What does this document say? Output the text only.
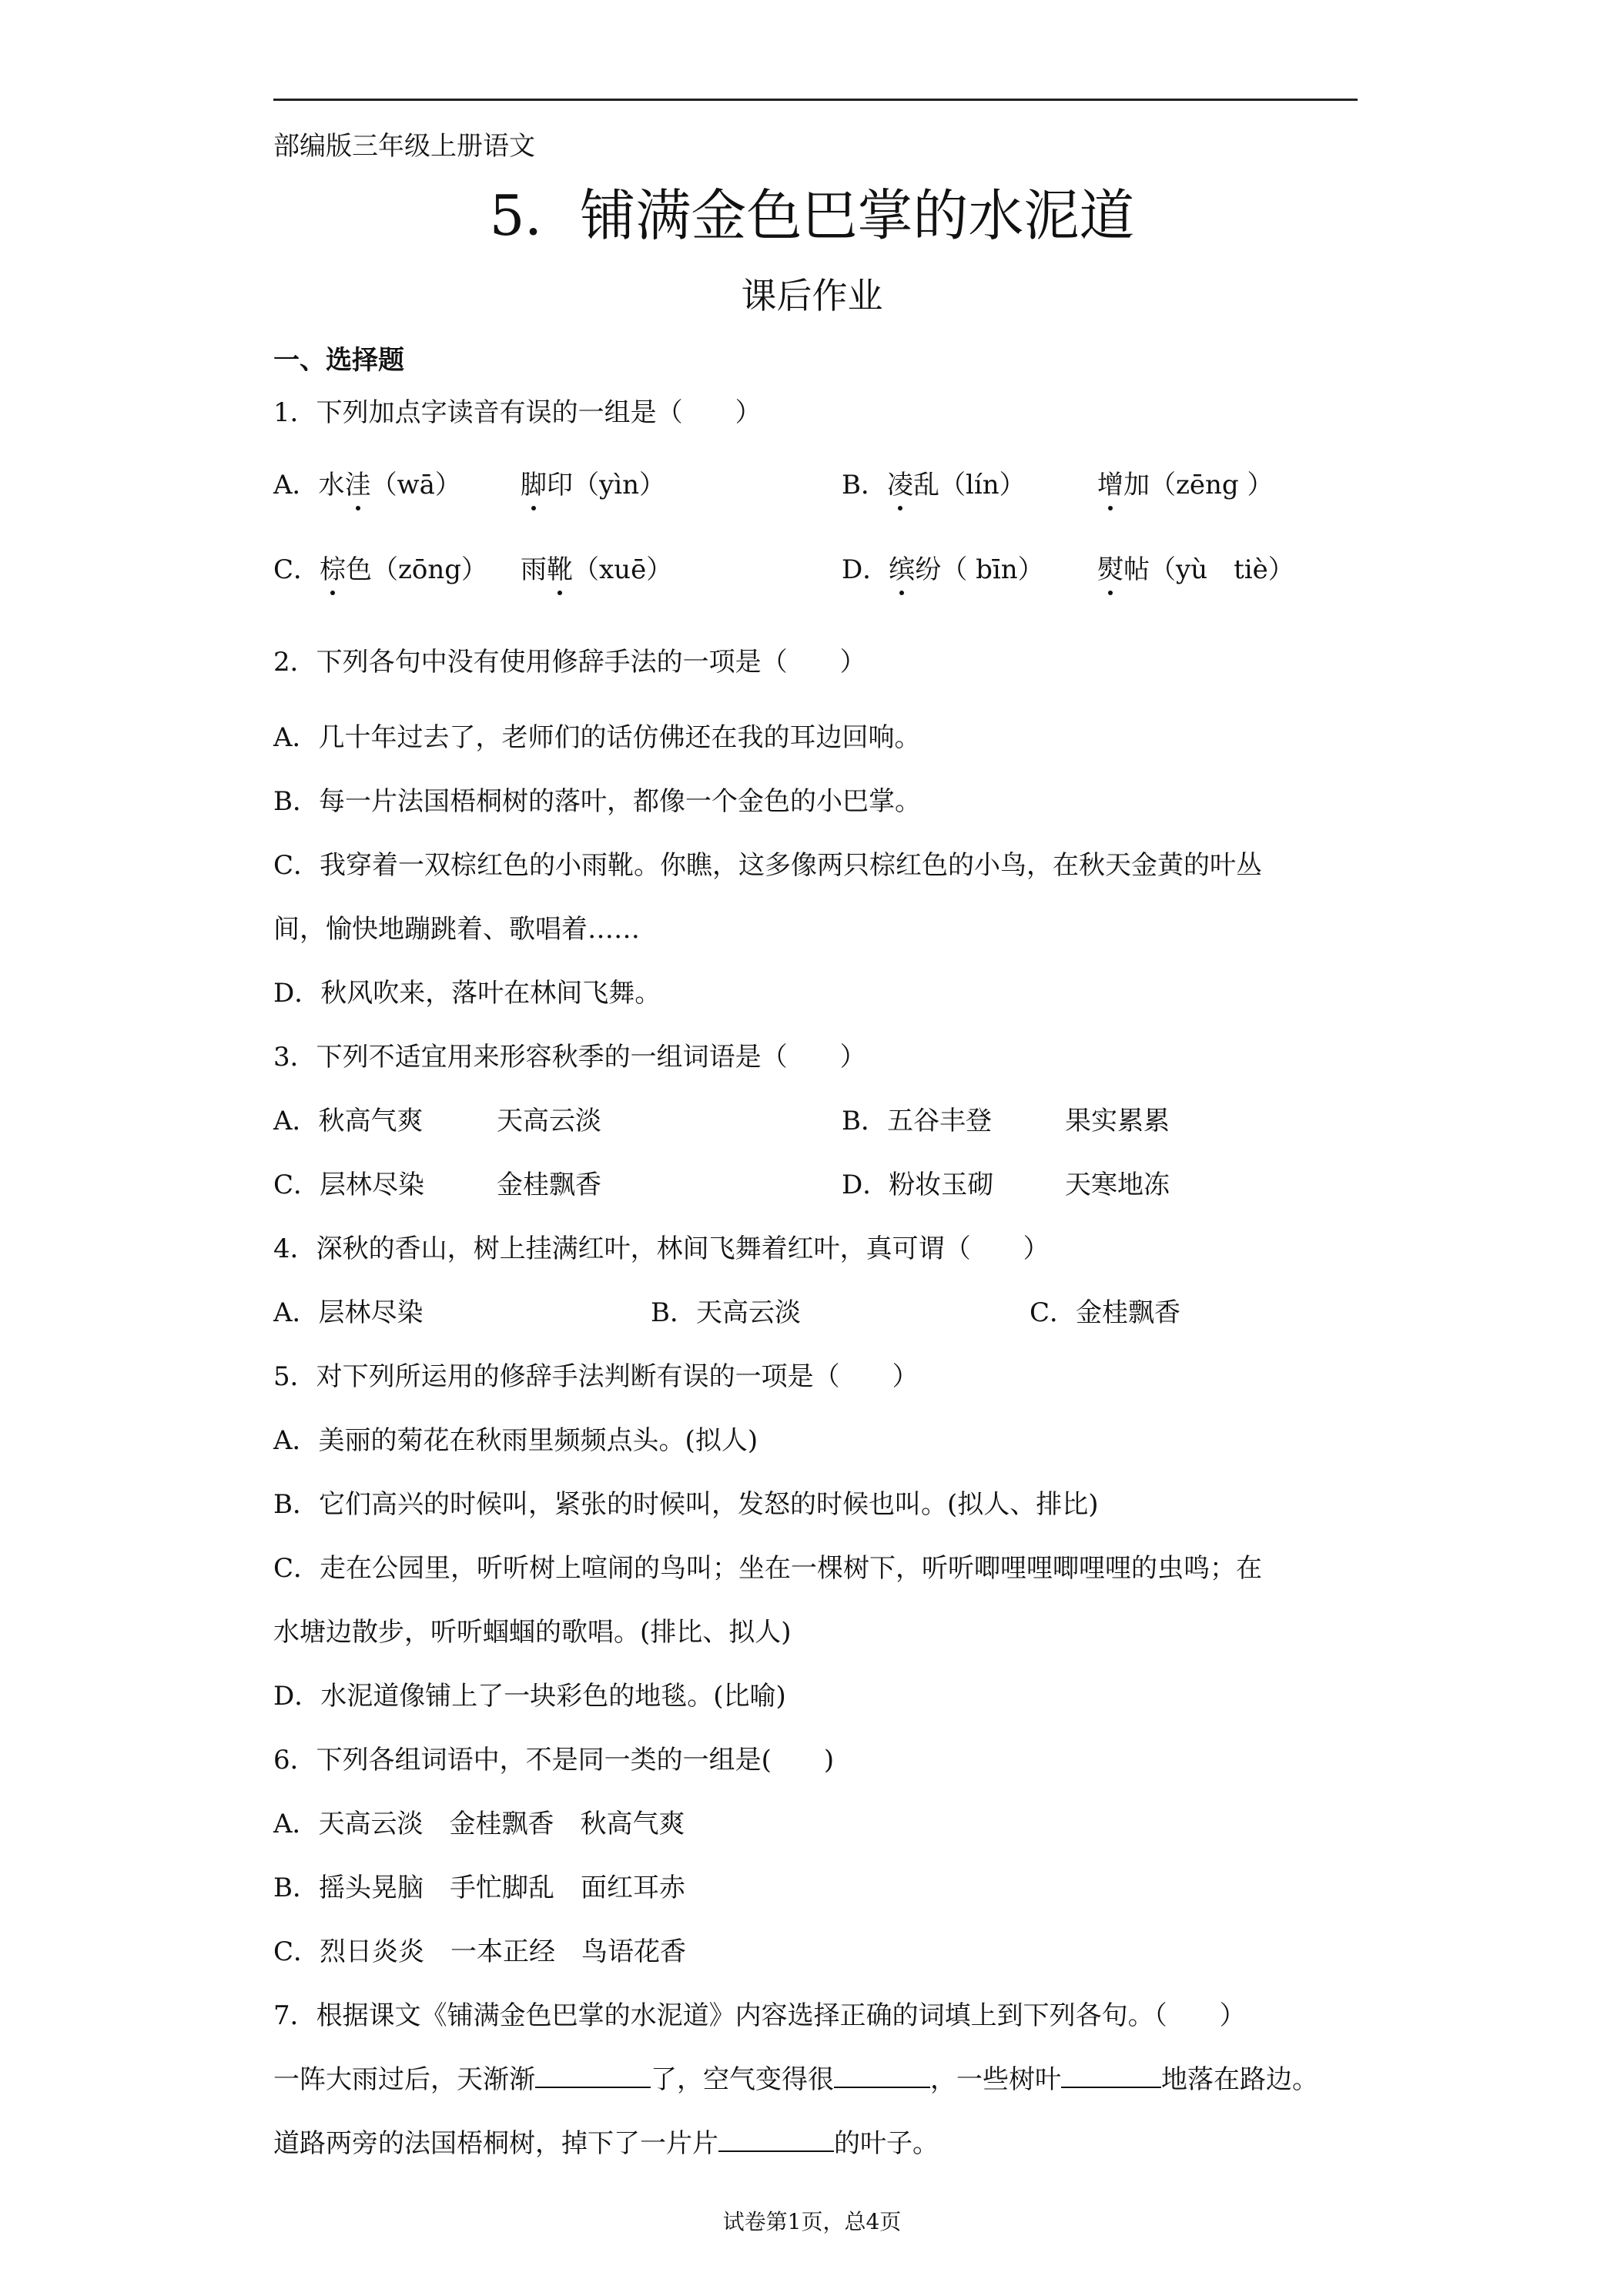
部编版三年级上册语文
5．铺满金色巴掌的水泥道
课后作业
一、选择题
1．下列加点字读音有误的一组是（　　）
A．水洼（wā） 脚印（yìn）	B．凌乱（lín）	增加（zēng ）
C．棕色（zōng） 雨靴（xuē）	D．缤纷（ bīn） 熨帖（yù　tiè）
2．下列各句中没有使用修辞手法的一项是（　　）
A．几十年过去了，老师们的话仿佛还在我的耳边回响。
B．每一片法国梧桐树的落叶，都像一个金色的小巴掌。
C．我穿着一双棕红色的小雨靴。你瞧，这多像两只棕红色的小鸟，在秋天金黄的叶丛
间，愉快地蹦跳着、歌唱着……
D．秋风吹来，落叶在林间飞舞。
3．下列不适宜用来形容秋季的一组词语是（　　）
A．秋高气爽	天高云淡	B．五谷丰登	果实累累
C．层林尽染	金桂飘香	D．粉妆玉砌	天寒地冻
4．深秋的香山，树上挂满红叶，林间飞舞着红叶，真可谓（　　）
A．层林尽染	B．天高云淡	C．金桂飘香
5．对下列所运用的修辞手法判断有误的一项是（　　）
A．美丽的菊花在秋雨里频频点头。(拟人)
B．它们高兴的时候叫，紧张的时候叫，发怒的时候也叫。(拟人、排比)
C．走在公园里，听听树上喧闹的鸟叫；坐在一棵树下，听听唧哩哩唧哩哩的虫鸣；在
水塘边散步，听听蝈蝈的歌唱。(排比、拟人)
D．水泥道像铺上了一块彩色的地毯。(比喻)
6．下列各组词语中，不是同一类的一组是(　　)
A．天高云淡　金桂飘香　秋高气爽
B．摇头晃脑　手忙脚乱　面红耳赤
C．烈日炎炎　一本正经　鸟语花香
7．根据课文《铺满金色巴掌的水泥道》内容选择正确的词填上到下列各句。（　　）
一阵大雨过后，天渐渐	了，空气变得很	，一些树叶	地落在路边。
道路两旁的法国梧桐树，掉下了一片片	的叶子。
试卷第1页，总4页
